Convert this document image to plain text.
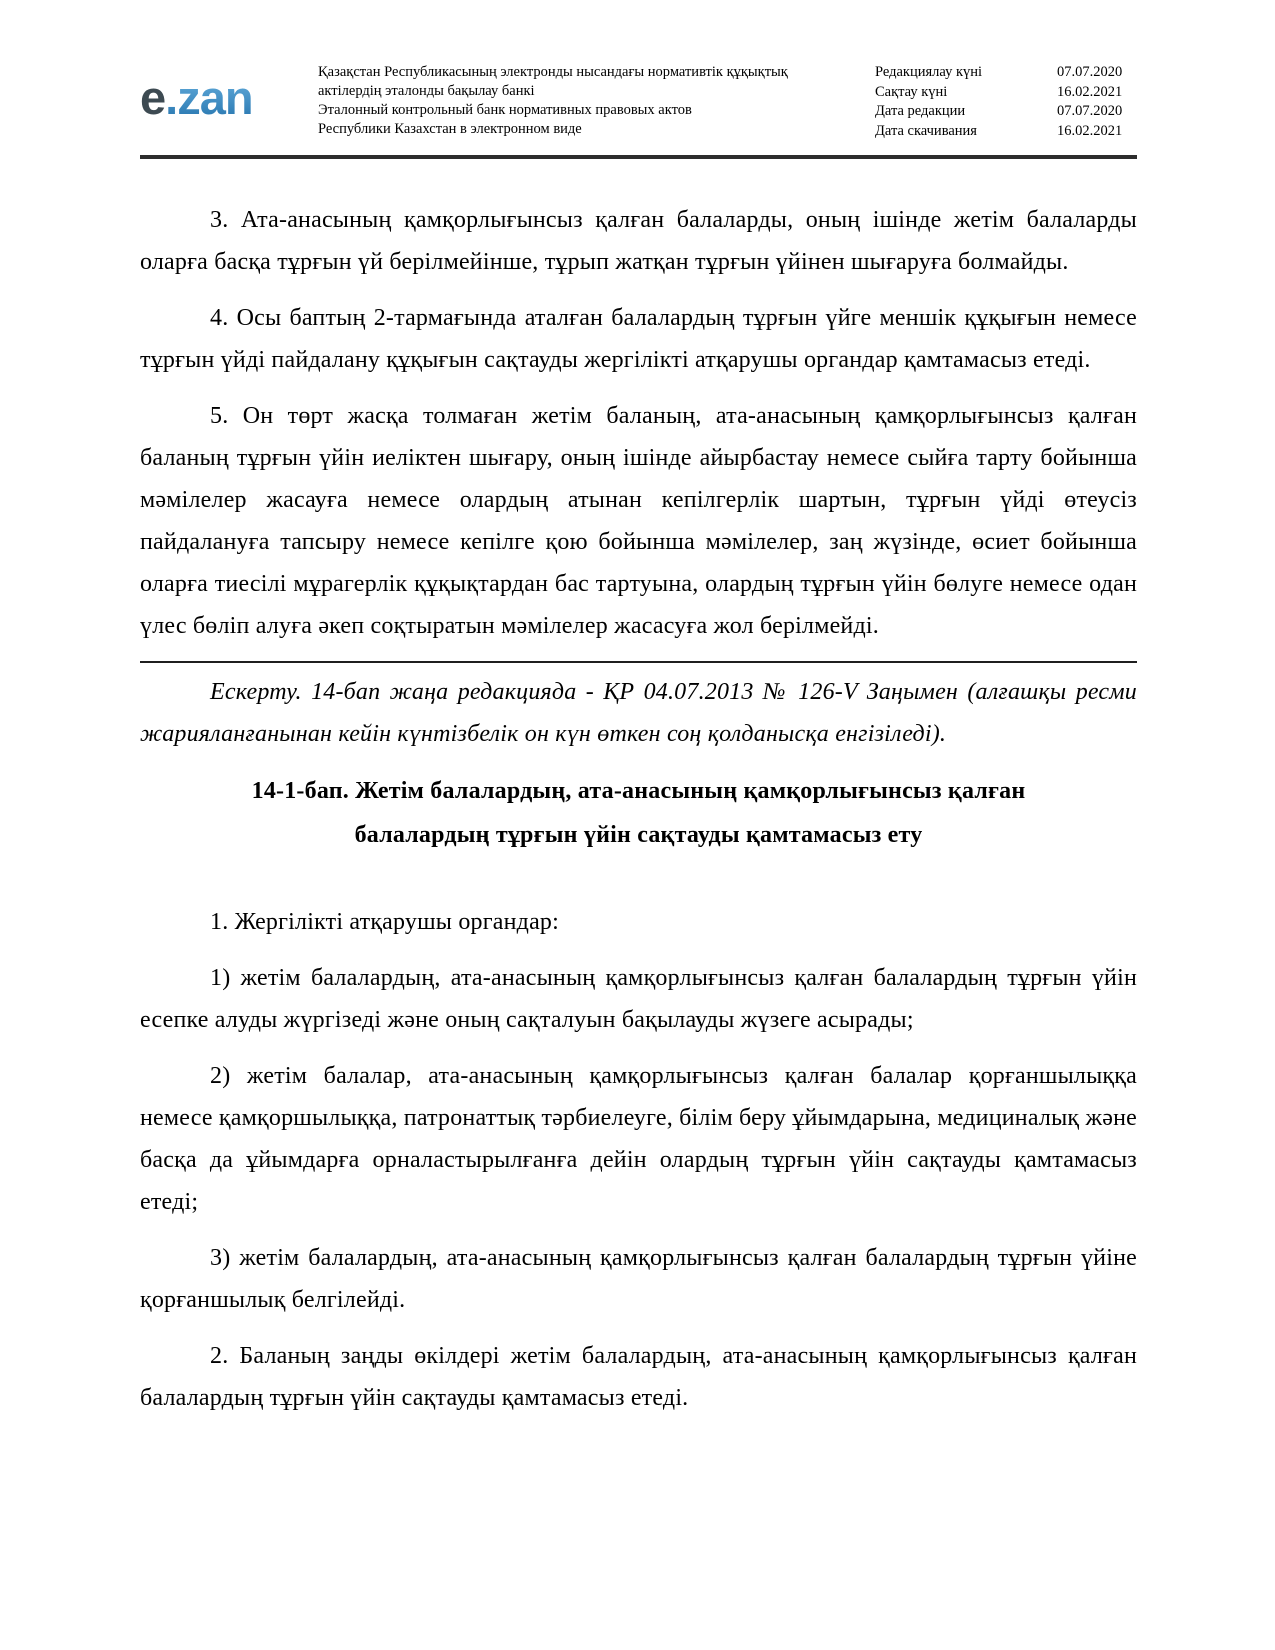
e.zan	Қазақстан Республикасының электронды нысандағы нормативтік құқықтық
актілердің эталонды бақылау банкі
Эталонный контрольный банк нормативных правовых актов
Республики Казахстан в электронном виде
Редакциялау күні	07.07.2020
Сақтау күні	16.02.2021
Дата редакции	07.07.2020
Дата скачивания	16.02.2021

3. Ата-анасының қамқорлығынсыз қалған балаларды, оның ішінде жетім балаларды оларға басқа тұрғын үй берілмейінше, тұрып жатқан тұрғын үйінен шығаруға болмайды.

4. Осы баптың 2-тармағында аталған балалардың тұрғын үйге меншік құқығын немесе тұрғын үйді пайдалану құқығын сақтауды жергілікті атқарушы органдар қамтамасыз етеді.

5. Он төрт жасқа толмаған жетім баланың, ата-анасының қамқорлығынсыз қалған баланың тұрғын үйін иеліктен шығару, оның ішінде айырбастау немесе сыйға тарту бойынша мәмілелер жасауға немесе олардың атынан кепілгерлік шартын, тұрғын үйді өтеусіз пайдалануға тапсыру немесе кепілге қою бойынша мәмілелер, заң жүзінде, өсиет бойынша оларға тиесілі мұрагерлік құқықтардан бас тартуына, олардың тұрғын үйін бөлуге немесе одан үлес бөліп алуға әкеп соқтыратын мәмілелер жасасуға жол берілмейді.

Ескерту. 14-бап жаңа редакцияда - ҚР 04.07.2013 № 126-V Заңымен (алғашқы ресми жарияланғанынан кейін күнтізбелік он күн өткен соң қолданысқа енгізіледі).

14-1-бап. Жетім балалардың, ата-анасының қамқорлығынсыз қалған балалардың тұрғын үйін сақтауды қамтамасыз ету

1. Жергілікті атқарушы органдар:

1) жетім балалардың, ата-анасының қамқорлығынсыз қалған балалардың тұрғын үйін есепке алуды жүргізеді және оның сақталуын бақылауды жүзеге асырады;

2) жетім балалар, ата-анасының қамқорлығынсыз қалған балалар қорғаншылыққа немесе қамқоршылыққа, патронаттық тәрбиелеуге, білім беру ұйымдарына, медициналық және басқа да ұйымдарға орналастырылғанға дейін олардың тұрғын үйін сақтауды қамтамасыз етеді;

3) жетім балалардың, ата-анасының қамқорлығынсыз қалған балалардың тұрғын үйіне қорғаншылық белгілейді.

2. Баланың заңды өкілдері жетім балалардың, ата-анасының қамқорлығынсыз қалған балалардың тұрғын үйін сақтауды қамтамасыз етеді.
